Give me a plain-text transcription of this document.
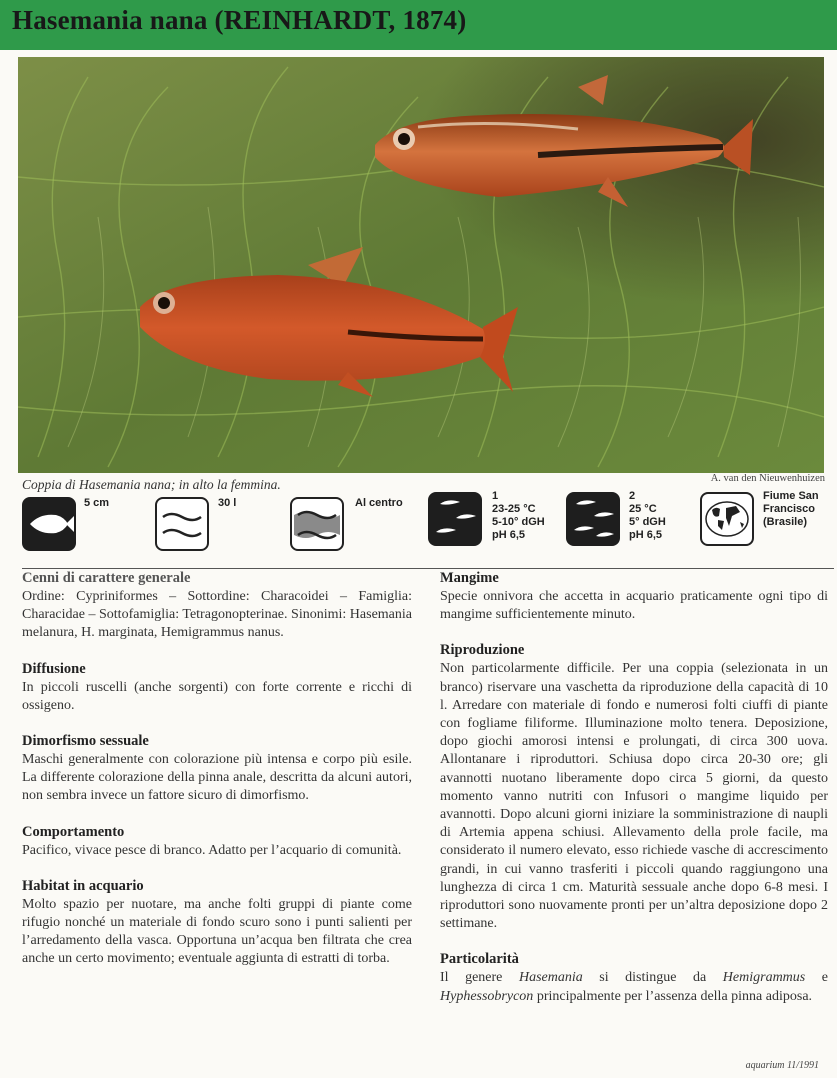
Hasemania nana (REINHARDT, 1874)
Coppia di Hasemania nana; in alto la femmina.	A. van den Nieuwenhuizen
5 cm	30 l	Al centro
1
23-25 °C
5-10° dGH
pH 6,5
2
25 °C
5° dGH
pH 6,5
Fiume San
Francisco
(Brasile)
Cenni di carattere generale

Ordine: Cypriniformes – Sottordine: Characoidei – Famiglia: Characidae – Sottofamiglia: Tetragonopterinae. Sinonimi: Hasemania melanura, H. marginata, Hemigrammus nanus.

Diffusione

In piccoli ruscelli (anche sorgenti) con forte corrente e ricchi di ossigeno.

Dimorfismo sessuale

Maschi generalmente con colorazione più intensa e corpo più esile. La differente colorazione della pinna anale, descritta da alcuni autori, non sembra invece un fattore sicuro di dimorfismo.

Comportamento

Pacifico, vivace pesce di branco. Adatto per l’acquario di comunità.

Habitat in acquario

Molto spazio per nuotare, ma anche folti gruppi di piante come rifugio nonché un materiale di fondo scuro sono i punti salienti per l’arredamento della vasca. Opportuna un’acqua ben filtrata che crea anche un certo movimento; eventuale aggiunta di estratti di torba.

Mangime

Specie onnivora che accetta in acquario praticamente ogni tipo di mangime sufficientemente minuto.

Riproduzione

Non particolarmente difficile. Per una coppia (selezionata in un branco) riservare una vaschetta da riproduzione della capacità di 10 l. Arredare con materiale di fondo e numerosi folti ciuffi di piante con fogliame filiforme. Illuminazione molto tenera. Deposizione, dopo giochi amorosi intensi e prolungati, di circa 300 uova. Allontanare i riproduttori. Schiusa dopo circa 20-30 ore; gli avannotti nuotano liberamente dopo circa 5 giorni, da questo momento vanno nutriti con Infusori o mangime liquido per avannotti. Dopo alcuni giorni iniziare la somministrazione di naupli di Artemia appena schiusi. Allevamento della prole facile, ma considerato il numero elevato, esso richiede vasche di accrescimento grandi, in cui vanno trasferiti i piccoli quando raggiungono una lunghezza di circa 1 cm. Maturità sessuale anche dopo 6-8 mesi. I riproduttori sono nuovamente pronti per un’altra deposizione dopo 2 settimane.

Particolarità

Il genere Hasemania si distingue da Hemigrammus e Hyphessobrycon principalmente per l’assenza della pinna adiposa.

aquarium 11/1991
